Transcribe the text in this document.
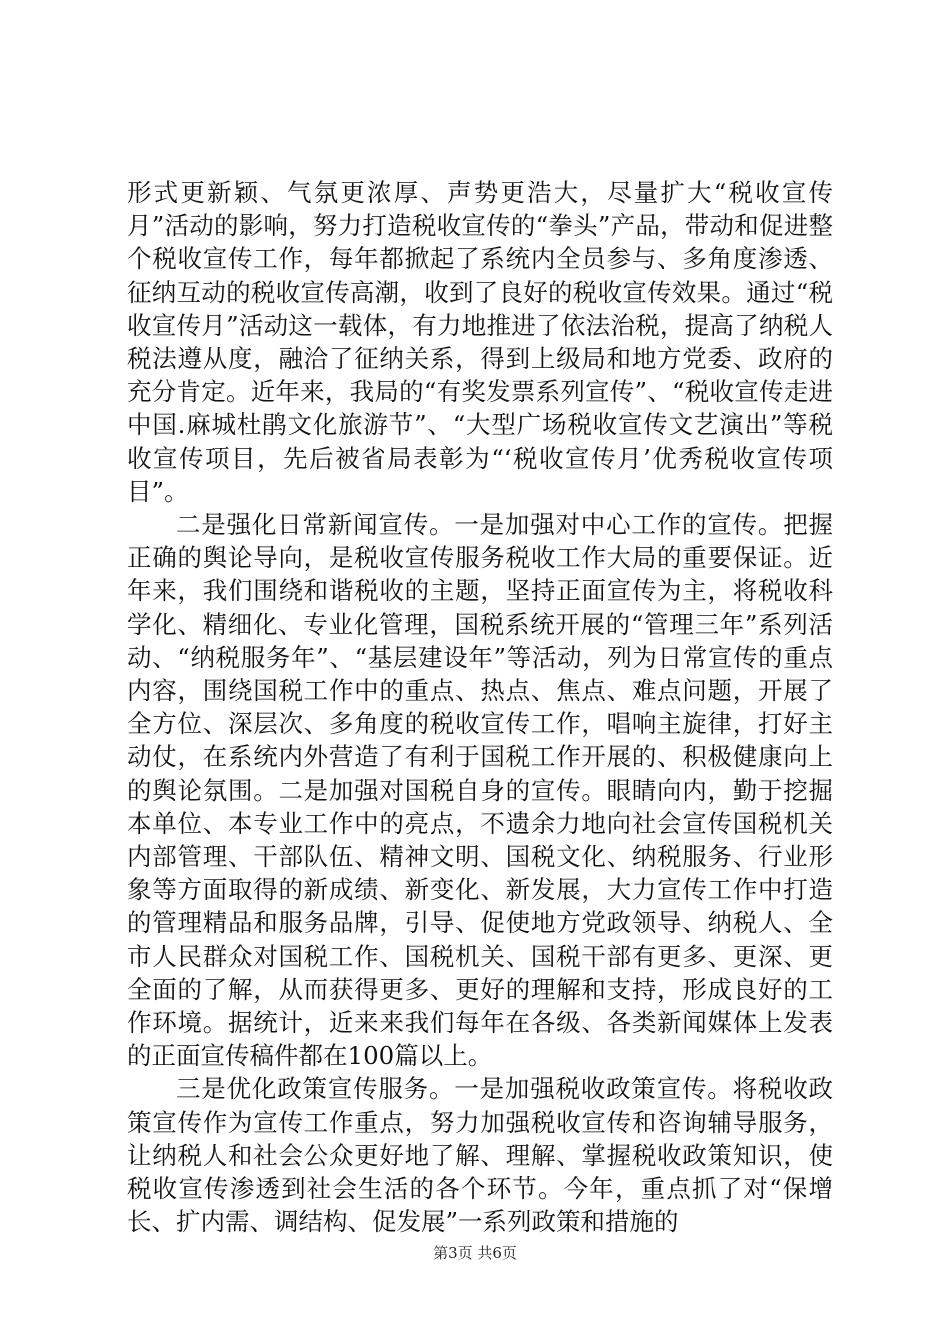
形式更新颖、气氛更浓厚、声势更浩大，尽量扩大“税收宣传月”活动的影响，努力打造税收宣传的“拳头”产品，带动和促进整个税收宣传工作，每年都掀起了系统内全员参与、多角度渗透、征纳互动的税收宣传高潮，收到了良好的税收宣传效果。通过“税收宣传月”活动这一载体，有力地推进了依法治税，提高了纳税人税法遵从度，融洽了征纳关系，得到上级局和地方党委、政府的充分肯定。近年来，我局的“有奖发票系列宣传”、“税收宣传走进中国.麻城杜鹃文化旅游节”、“大型广场税收宣传文艺演出”等税收宣传项目，先后被省局表彰为“‘税收宣传月’优秀税收宣传项目”。

二是强化日常新闻宣传。一是加强对中心工作的宣传。把握正确的舆论导向，是税收宣传服务税收工作大局的重要保证。近年来，我们围绕和谐税收的主题，坚持正面宣传为主，将税收科学化、精细化、专业化管理，国税系统开展的“管理三年”系列活动、“纳税服务年”、“基层建设年”等活动，列为日常宣传的重点内容，围绕国税工作中的重点、热点、焦点、难点问题，开展了全方位、深层次、多角度的税收宣传工作，唱响主旋律，打好主动仗，在系统内外营造了有利于国税工作开展的、积极健康向上的舆论氛围。二是加强对国税自身的宣传。眼睛向内，勤于挖掘本单位、本专业工作中的亮点，不遗余力地向社会宣传国税机关内部管理、干部队伍、精神文明、国税文化、纳税服务、行业形象等方面取得的新成绩、新变化、新发展，大力宣传工作中打造的管理精品和服务品牌，引导、促使地方党政领导、纳税人、全市人民群众对国税工作、国税机关、国税干部有更多、更深、更全面的了解，从而获得更多、更好的理解和支持，形成良好的工作环境。据统计，近来来我们每年在各级、各类新闻媒体上发表的正面宣传稿件都在100篇以上。

三是优化政策宣传服务。一是加强税收政策宣传。将税收政策宣传作为宣传工作重点，努力加强税收宣传和咨询辅导服务，让纳税人和社会公众更好地了解、理解、掌握税收政策知识，使税收宣传渗透到社会生活的各个环节。今年，重点抓了对“保增长、扩内需、调结构、促发展”一系列政策和措施的

第3页 共6页
